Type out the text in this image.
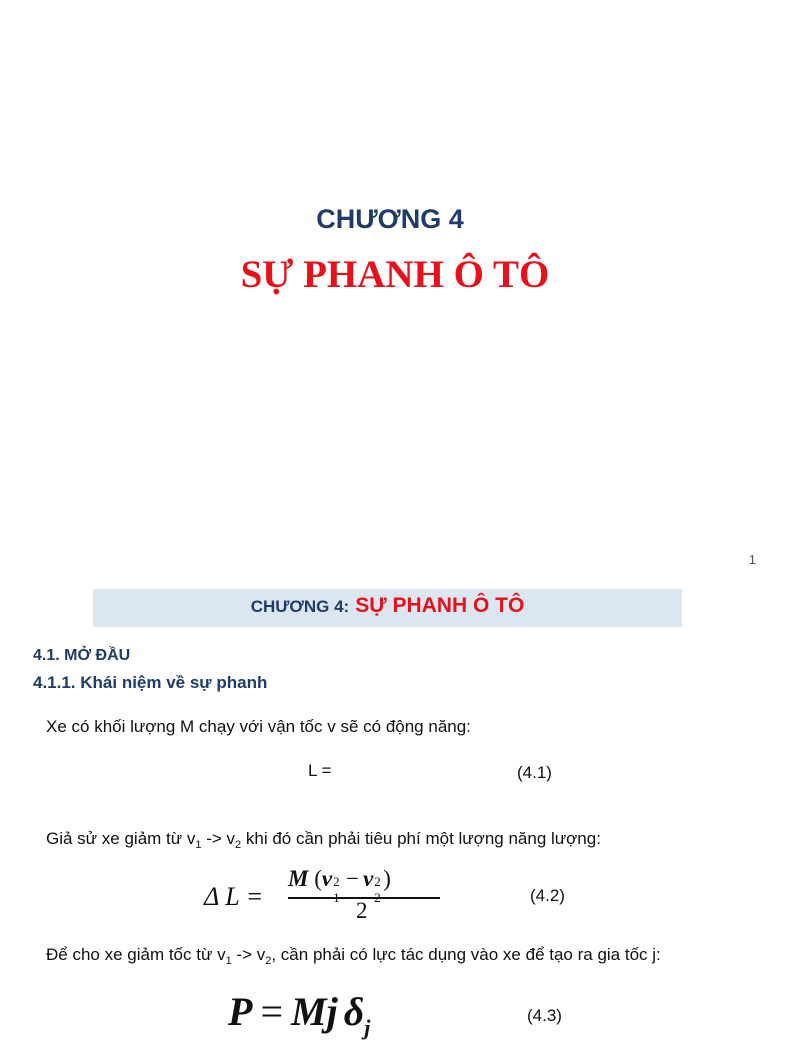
CHƯƠNG 4
SỰ PHANH Ô TÔ
1
CHƯƠNG 4: SỰ PHANH Ô TÔ
4.1. MỞ ĐẦU
4.1.1. Khái niệm về sự phanh
Xe có khối lượng M chạy với vận tốc v sẽ có động năng:
L =	(4.1)
Giả sử xe giảm từ $v_1 -> v_2$ khi đó cần phải tiêu phí một lượng năng lượng:
Δ L =
M (v 2 − v 2 )
2
(4.2)
Để cho xe giảm tốc từ $v_1 -> v_2$, cần phải có lực tác dụng vào xe để tạo ra gia tốc j:
P = Mj $\delta_j$	(4.3)
